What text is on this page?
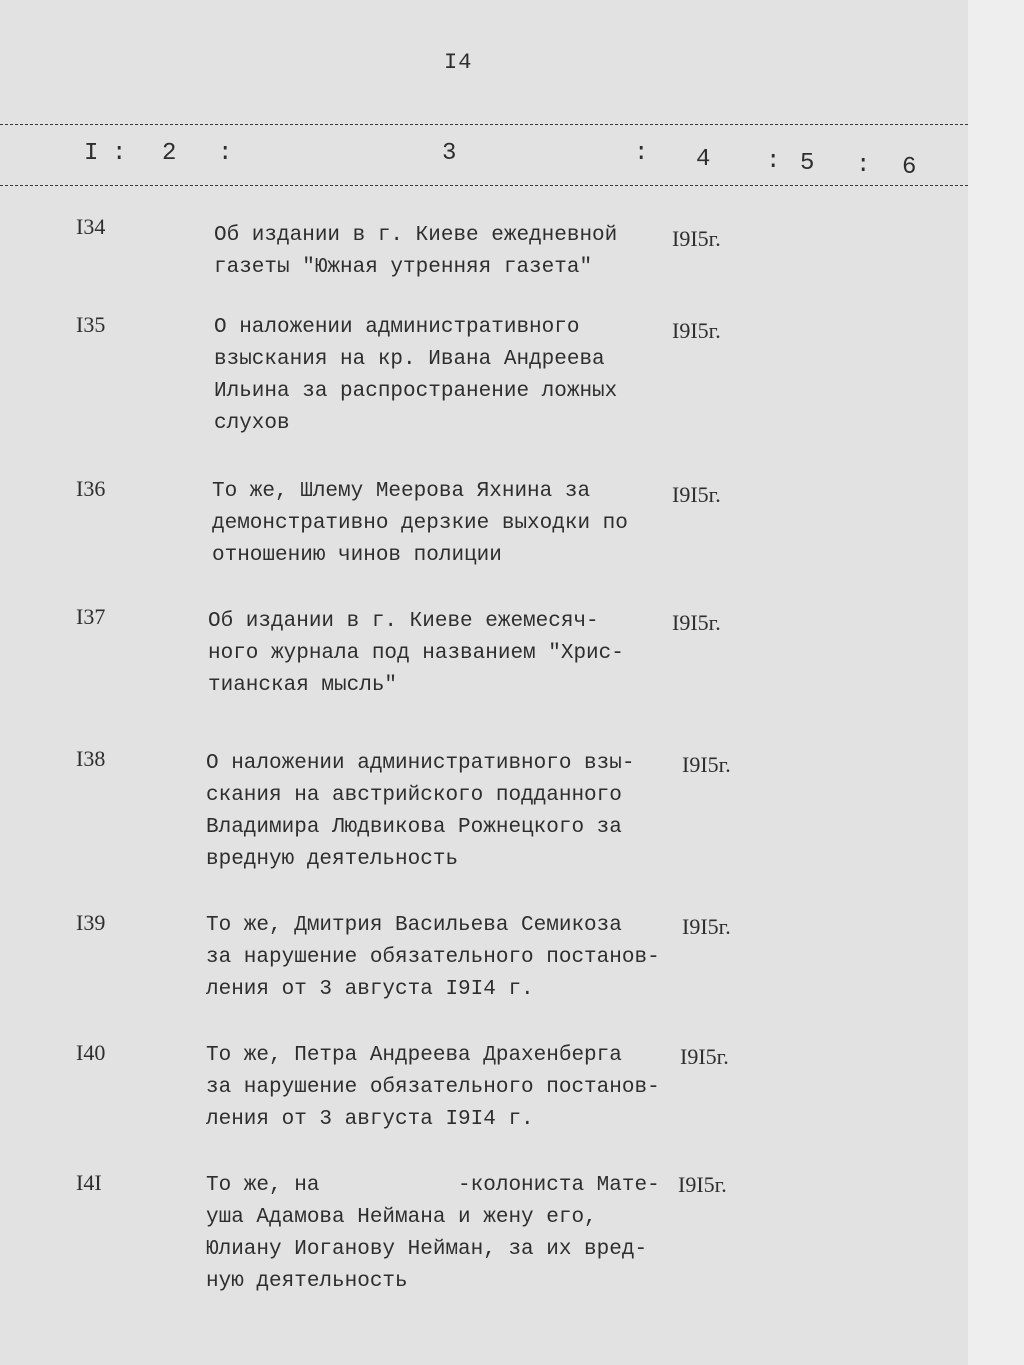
I4
I : 2 :	3	: 4 : 5 : 6
I34	Об издании в г. Киеве ежедневной
газеты "Южная утренняя газета"
I9I5г.
I35	О наложении административного
взыскания на кр. Ивана Андреева
Ильина за распространение ложных
слухов
I9I5г.
I36	То же, Шлему Меерова Яхнина за
демонстративно дерзкие выходки по
отношению чинов полиции
I9I5г.
I37	Об издании в г. Киеве ежемесяч-
ного журнала под названием "Хрис-
тианская мысль"
I9I5г.
I38	О наложении административного взы-
скания на австрийского подданного
Владимира Людвикова Рожнецкого за
вредную деятельность
I9I5г.
I39	То же, Дмитрия Васильева Семикоза
за нарушение обязательного постанов-
ления от 3 августа I9I4 г.
I9I5г.
I40	То же, Петра Андреева Драхенберга
за нарушение обязательного постанов-
ления от 3 августа I9I4 г.
I9I5г.
I4I	То же, на           -колониста Мате-
уша Адамова Неймана и жену его,
Юлиану Иоганову Нейман, за их вред-
ную деятельность
I9I5г.
